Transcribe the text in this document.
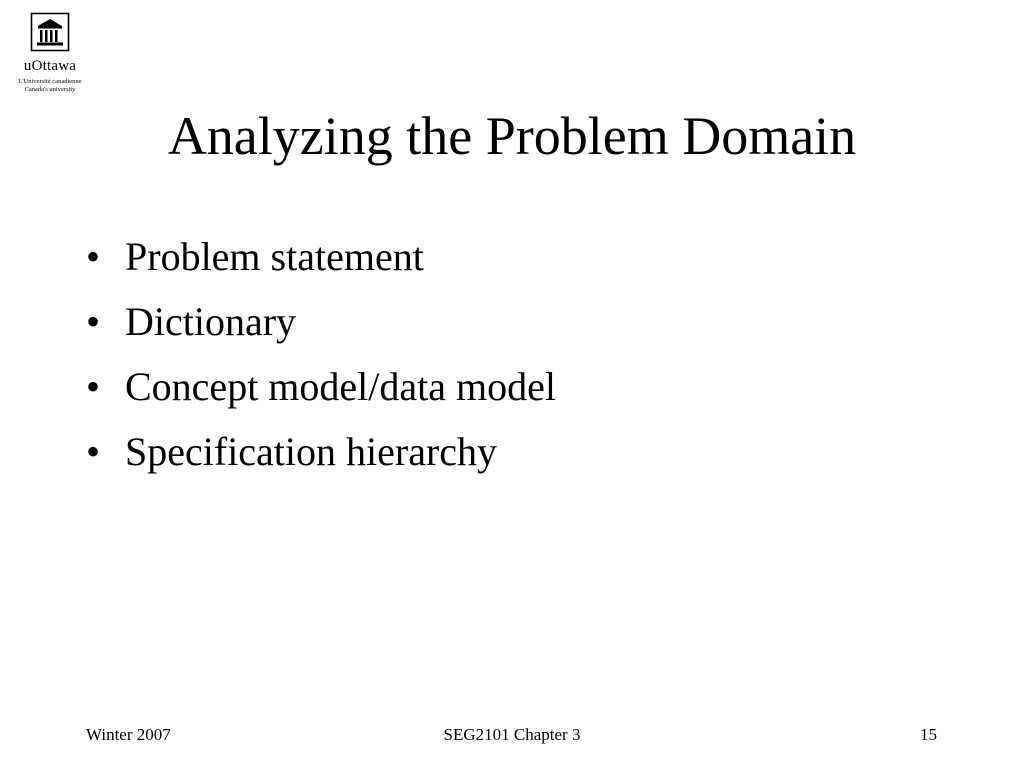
uOttawa
L'Université canadienne
Canada's university
Analyzing the Problem Domain
• Problem statement
• Dictionary
• Concept model/data model
• Specification hierarchy
Winter 2007	SEG2101 Chapter 3	15
